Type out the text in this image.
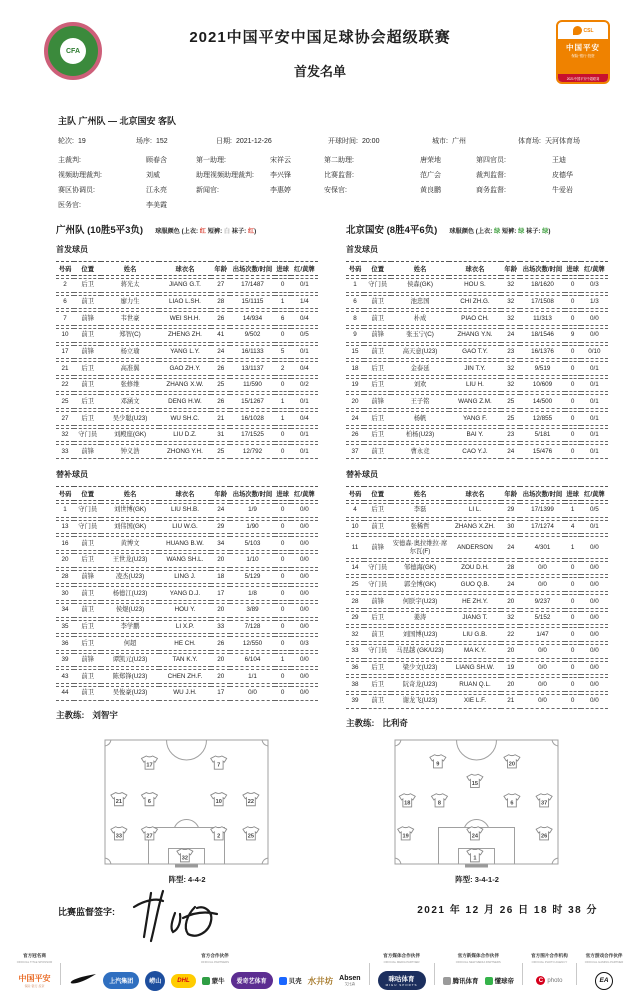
CFA
2021中国平安中国足球协会超级联赛
首发名单
CSL
中国平安
保险·银行·投资
2021中国平安中超联赛
主队 广州队 — 北京国安 客队
轮次: 19	场序: 152	日期: 2021-12-26	开球时间: 20:00	城市: 广州	体育场: 天河体育场
主裁判:	顾春含	第一助理:	宋祥云	第二助理:	唐荣地	第四官员:	王迪
视频助理裁判:	刘威	助理视频助理裁判: 李兴锋	比赛监督:	范广会	裁判监督:	皮德华
赛区协调员:	江永亮	新闻官:	李惠婷	安保官:	黄良鹏	商务监督:	牛爱岩
医务官:	李美霞
广州队 (10胜5平3负) 球服颜色 (上衣: 红 短裤: 白 袜子: 红)
首发球员
号码	位置	姓名	球衣名	年龄	出场次数/时间	进球	红/黄牌
2	后卫	蒋光太	JIANG G.T.	27	17/1487	0	0/1
6	前卫	廖力生	LIAO L.SH.	28	15/1115	1	1/4
7	前锋	韦世豪	WEI SH.H.	26	14/934	6	0/4
10	前卫	郑智(C)	ZHENG ZH.	41	9/502	0	0/5
17	前锋	杨立瑜	YANG L.Y.	24	16/1133	5	0/1
21	后卫	高准翼	GAO ZH.Y.	26	13/1137	2	0/4
22	前卫	张修维	ZHANG X.W.	25	11/590	0	0/2
25	后卫	邓涵文	DENG H.W.	26	15/1267	1	0/1
27	后卫	吴少聪(U23)	WU SH.C.	21	16/1028	1	0/4
32	守门员	刘殿座(GK)	LIU D.Z.	31	17/1525	0	0/1
33	前锋	钟义浩	ZHONG Y.H.	25	12/792	0	0/1
替补球员
号码	位置	姓名	球衣名	年龄	出场次数/时间	进球	红/黄牌
1	守门员	刘世博(GK)	LIU SH.B.	24	1/9	0	0/0
13	守门员	刘伟国(GK)	LIU W.G.	29	1/90	0	0/0
16	前卫	黄博文	HUANG B.W.	34	5/103	0	0/0
20	后卫	王世龙(U23)	WANG SH.L.	20	1/10	0	0/0
28	前锋	凌杰(U23)	LING J.	18	5/129	0	0/0
30	前卫	杨德江(U23)	YANG D.J.	17	1/8	0	0/0
34	前卫	侯煜(U23)	HOU Y.	20	3/89	0	0/0
35	后卫	李学鹏	LI X.P.	33	7/128	0	0/0
36	后卫	何超	HE CH.	26	12/550	0	0/3
39	前锋	谭凯元(U23)	TAN K.Y.	20	6/104	1	0/0
43	前卫	陈郑锋(U23)	CHEN ZH.F.	20	1/1	0	0/0
44	前卫	吴俊豪(U23)	WU J.H.	17	0/0	0	0/0
主教练: 刘智宇
17	7
21	6	10	22
33	27	2	25
32
阵型: 4-4-2
北京国安 (8胜4平6负) 球服颜色 (上衣: 绿 短裤: 绿 袜子: 绿)
首发球员
号码	位置	姓名	球衣名	年龄	出场次数/时间	进球	红/黄牌
1	守门员	侯森(GK)	HOU S.	32	18/1620	0	0/3
6	前卫	池忠国	CHI ZH.G.	32	17/1508	0	1/3
8	前卫	朴成	PIAO CH.	32	11/313	0	0/0
9	前锋	张玉宁(C)	ZHANG Y.N.	24	18/1546	9	0/0
15	前卫	高天意(U23)	GAO T.Y.	23	16/1376	0	0/10
18	后卫	金泰延	JIN T.Y.	32	9/519	0	0/1
19	后卫	刘欢	LIU H.	32	10/609	0	0/1
20	前锋	王子铭	WANG Z.M.	25	14/500	0	0/1
24	后卫	杨帆	YANG F.	25	12/855	0	0/1
26	后卫	柏杨(U23)	BAI Y.	23	5/181	0	0/1
37	前卫	曹永竞	CAO Y.J.	24	15/476	0	0/1
替补球员
号码	位置	姓名	球衣名	年龄	出场次数/时间	进球	红/黄牌
4	后卫	李磊	LI L.	29	17/1399	1	0/5
10	前卫	张稀哲	ZHANG X.ZH.	30	17/1274	4	0/1
11	前锋	安德森·奥拉维拉·席尔瓦(F)	ANDERSON	24	4/301	1	0/0
14	守门员	邹德海(GK)	ZOU D.H.	28	0/0	0	0/0
25	守门员	郭全博(GK)	GUO Q.B.	24	0/0	0	0/0
28	前锋	何朕宇(U23)	HE ZH.Y.	20	9/237	0	0/0
29	后卫	姜涛	JIANG T.	32	5/152	0	0/0
32	前卫	刘国博(U23)	LIU G.B.	22	1/47	0	0/0
33	守门员	马昆越 (GK/U23)	MA K.Y.	20	0/0	0	0/0
36	后卫	梁少文(U23)	LIANG SH.W.	19	0/0	0	0/0
38	后卫	阮奇龙(U23)	RUAN Q.L.	20	0/0	0	0/0
39	前卫	谢龙飞(U23)	XIE L.F.	21	0/0	0	0/0
主教练: 比利奇
9	20
15
18	8	6	37
19	24	26
1
阵型: 3-4-1-2
比赛监督签字:	2021 年 12 月 26 日 18 时 38 分
官方冠名商
OFFICIAL TITLE SPONSOR
中国平安
保险·银行·投资
官方合作伙伴
OFFICIAL PARTNERS
上汽集团	崂山	DHL	蒙牛	爱奇艺体育	贝壳 水井坊 Absen
艾比森
官方媒体合作伙伴
OFFICIAL MEDIA PARTNER
咪咕体育
MIGU SPORTS
官方新媒体合作伙伴
OFFICIAL NEW MEDIA PARTNERS
腾讯体育 懂球帝
官方图片合作机构
OFFICIAL PHOTO AGENCY
C photo
官方游戏合作伙伴
OFFICIAL GAMING PARTNER
EA
